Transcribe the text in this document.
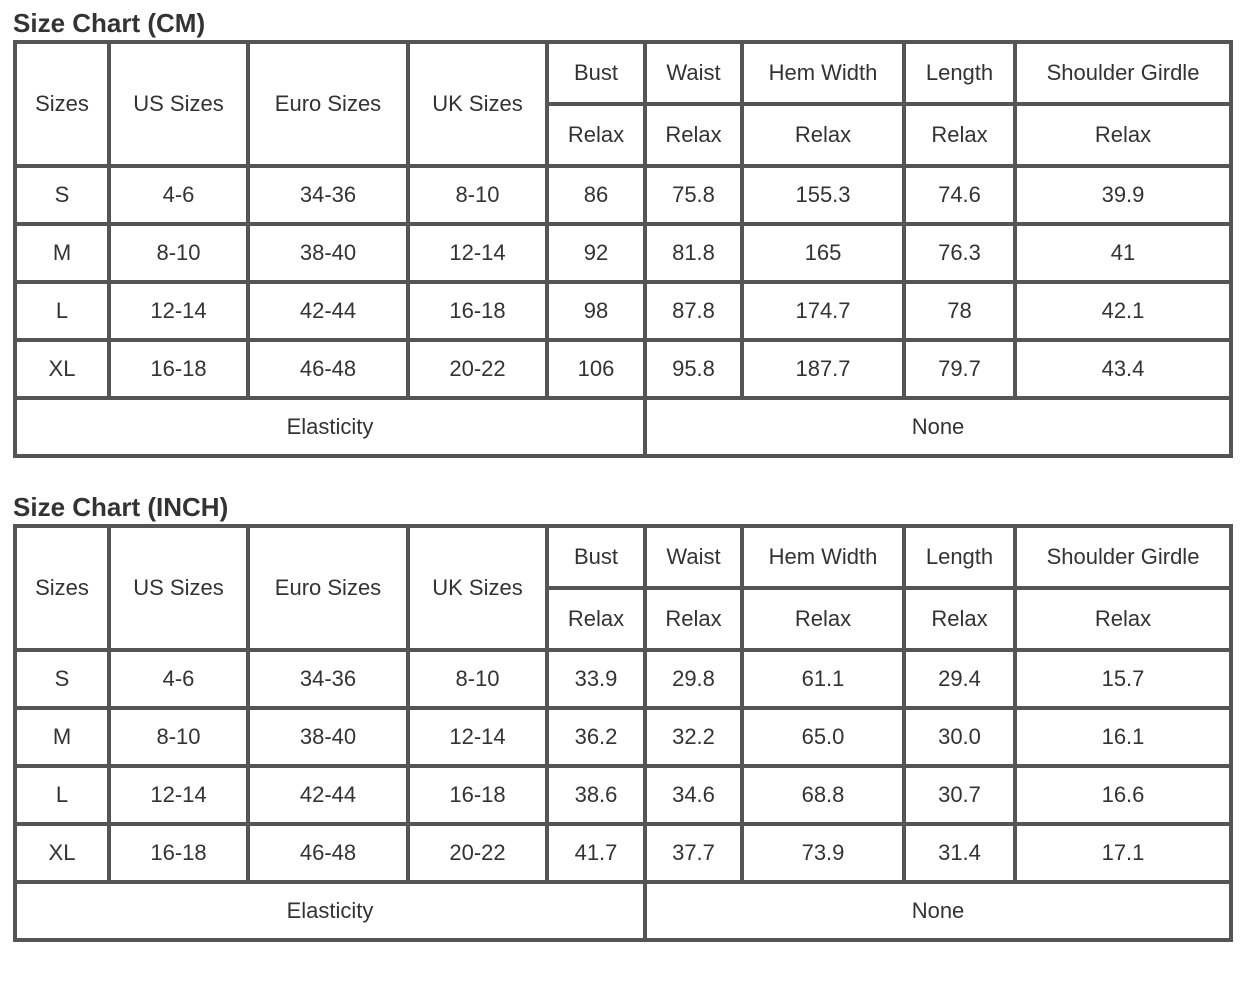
Size Chart (CM)
Sizes	US Sizes	Euro Sizes	UK Sizes	Bust	Waist	Hem Width	Length	Shoulder Girdle
				Relax	Relax	Relax	Relax	Relax
S	4-6	34-36	8-10	86	75.8	155.3	74.6	39.9
M	8-10	38-40	12-14	92	81.8	165	76.3	41
L	12-14	42-44	16-18	98	87.8	174.7	78	42.1
XL	16-18	46-48	20-22	106	95.8	187.7	79.7	43.4
Elasticity					None			
Size Chart (INCH)
Sizes	US Sizes	Euro Sizes	UK Sizes	Bust	Waist	Hem Width	Length	Shoulder Girdle
				Relax	Relax	Relax	Relax	Relax
S	4-6	34-36	8-10	33.9	29.8	61.1	29.4	15.7
M	8-10	38-40	12-14	36.2	32.2	65.0	30.0	16.1
L	12-14	42-44	16-18	38.6	34.6	68.8	30.7	16.6
XL	16-18	46-48	20-22	41.7	37.7	73.9	31.4	17.1
Elasticity					None			
